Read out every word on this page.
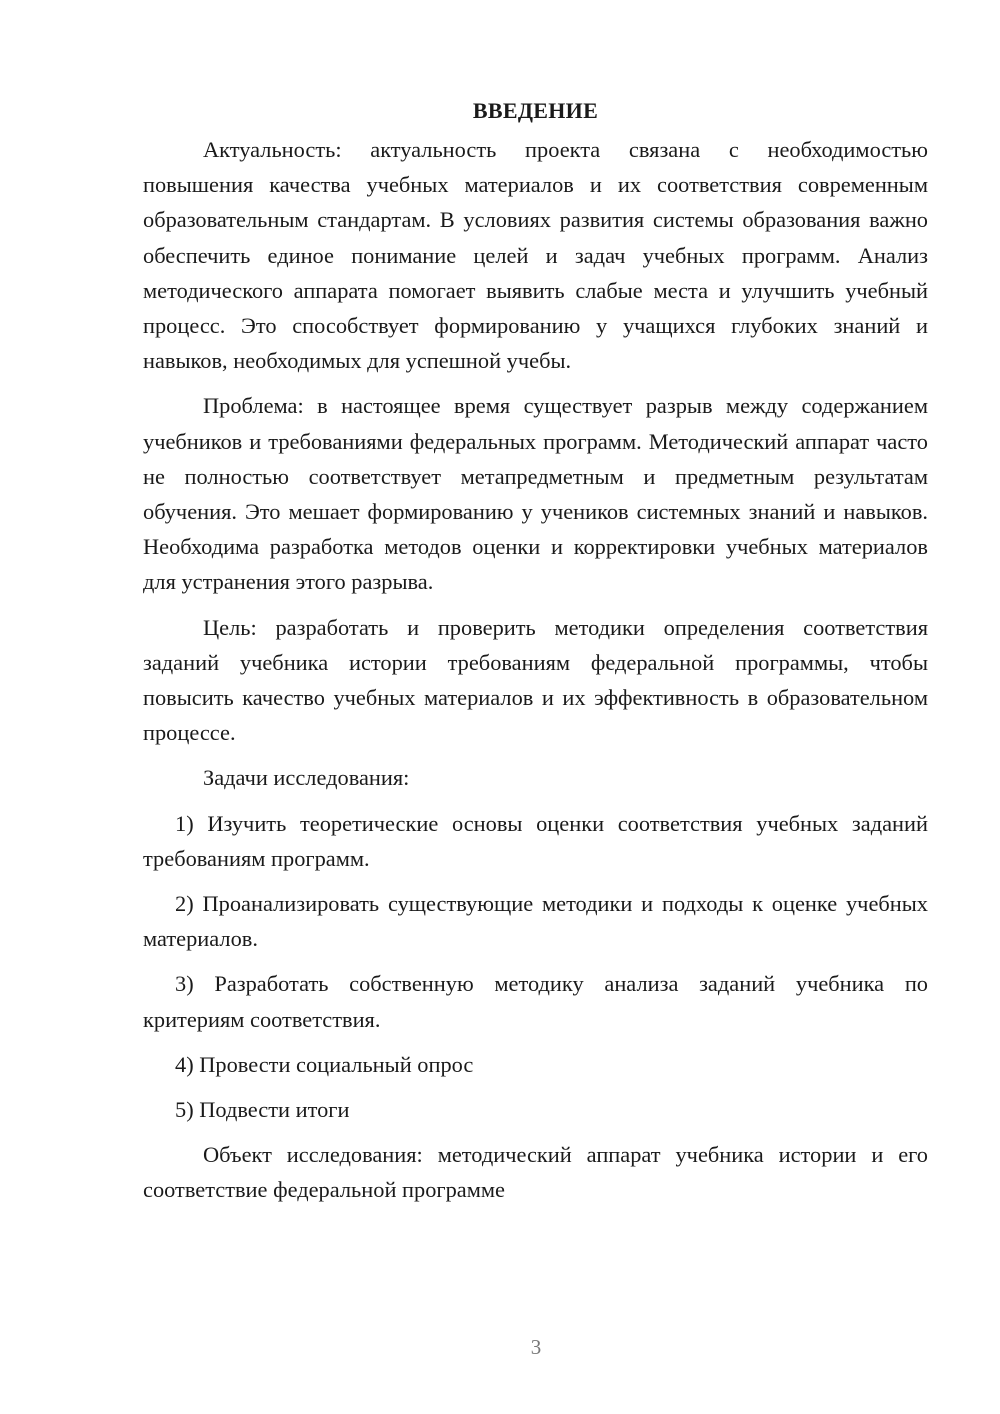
ВВЕДЕНИЕ

Актуальность: актуальность проекта связана с необходимостью повышения качества учебных материалов и их соответствия современным образовательным стандартам. В условиях развития системы образования важно обеспечить единое понимание целей и задач учебных программ. Анализ методического аппарата помогает выявить слабые места и улучшить учебный процесс. Это способствует формированию у учащихся глубоких знаний и навыков, необходимых для успешной учебы.

Проблема: в настоящее время существует разрыв между содержанием учебников и требованиями федеральных программ. Методический аппарат часто не полностью соответствует метапредметным и предметным результатам обучения. Это мешает формированию у учеников системных знаний и навыков. Необходима разработка методов оценки и корректировки учебных материалов для устранения этого разрыва.

Цель: разработать и проверить методики определения соответствия заданий учебника истории требованиям федеральной программы, чтобы повысить качество учебных материалов и их эффективность в образовательном процессе.

Задачи исследования:

1) Изучить теоретические основы оценки соответствия учебных заданий требованиям программ.

2) Проанализировать существующие методики и подходы к оценке учебных материалов.

3) Разработать собственную методику анализа заданий учебника по критериям соответствия.

4) Провести социальный опрос

5) Подвести итоги

Объект исследования: методический аппарат учебника истории и его соответствие федеральной программе

3
